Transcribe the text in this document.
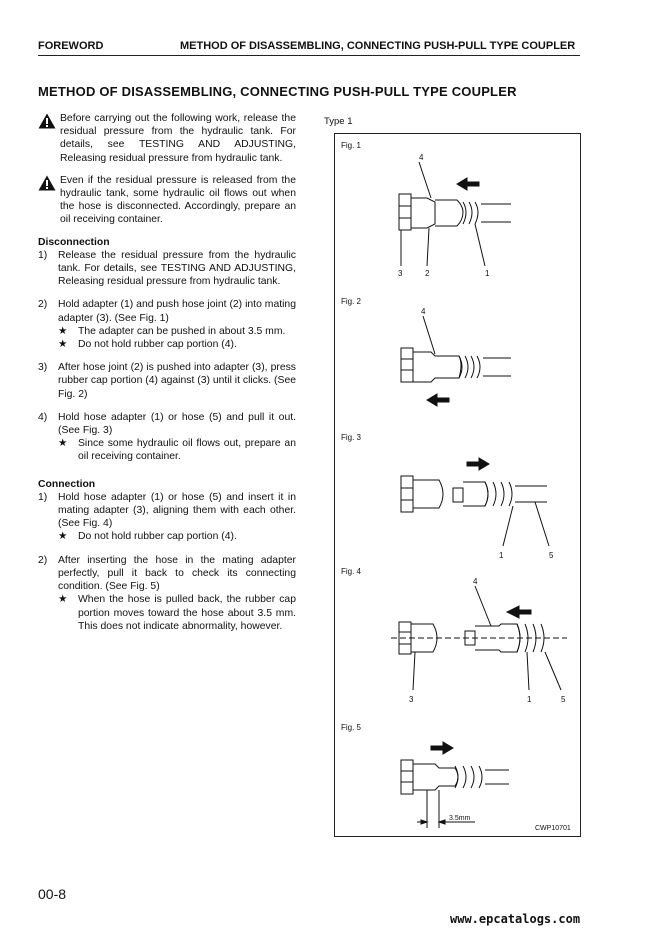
FOREWORD	METHOD OF DISASSEMBLING, CONNECTING PUSH-PULL TYPE COUPLER
METHOD OF DISASSEMBLING, CONNECTING PUSH-PULL TYPE COUPLER
Before carrying out the following work, release the residual pressure from the hydraulic tank. For details, see TESTING AND ADJUSTING, Releasing residual pressure from hydraulic tank.
Even if the residual pressure is released from the hydraulic tank, some hydraulic oil flows out when the hose is disconnected. Accordingly, prepare an oil receiving container.
Disconnection
1) Release the residual pressure from the hydraulic tank. For details, see TESTING AND ADJUSTING, Releasing residual pressure from hydraulic tank.
2) Hold adapter (1) and push hose joint (2) into mating adapter (3). (See Fig. 1)
★ The adapter can be pushed in about 3.5 mm.
★ Do not hold rubber cap portion (4).
3) After hose joint (2) is pushed into adapter (3), press rubber cap portion (4) against (3) until it clicks. (See Fig. 2)
4) Hold hose adapter (1) or hose (5) and pull it out. (See Fig. 3)
★ Since some hydraulic oil flows out, prepare an oil receiving container.
Connection
1) Hold hose adapter (1) or hose (5) and insert it in mating adapter (3), aligning them with each other. (See Fig. 4)
★ Do not hold rubber cap portion (4).
2) After inserting the hose in the mating adapter perfectly, pull it back to check its connecting condition. (See Fig. 5)
★ When the hose is pulled back, the rubber cap portion moves toward the hose about 3.5 mm. This does not indicate abnormality, however.
Type 1
Fig. 1
4
3	2	1
Fig. 2
4
Fig. 3
1	5
Fig. 4
4
3	1	5
Fig. 5
3.5mm
CWP10701
00-8
www.epcatalogs.com
